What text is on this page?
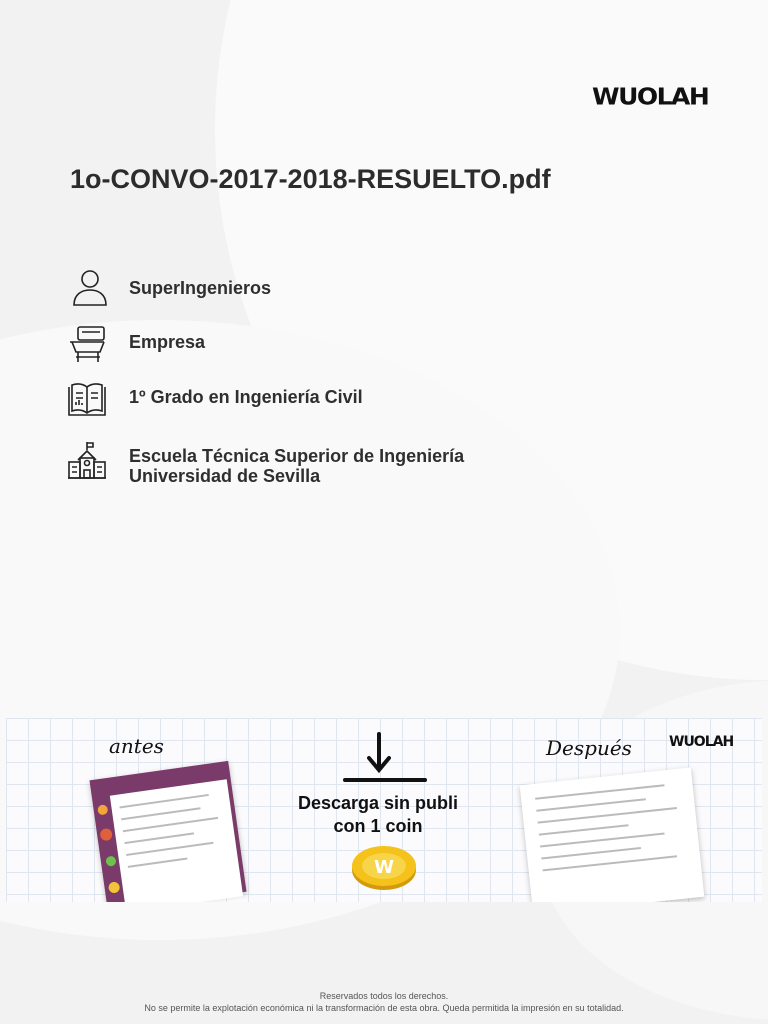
WUOLAH
1o-CONVO-2017-2018-RESUELTO.pdf
SuperIngenieros
Empresa
1º Grado en Ingeniería Civil
Escuela Técnica Superior de Ingeniería
Universidad de Sevilla
antes	Después	WUOLAH
Descarga sin publi
con 1 coin
W
Reservados todos los derechos.
No se permite la explotación económica ni la transformación de esta obra. Queda permitida la impresión en su totalidad.
